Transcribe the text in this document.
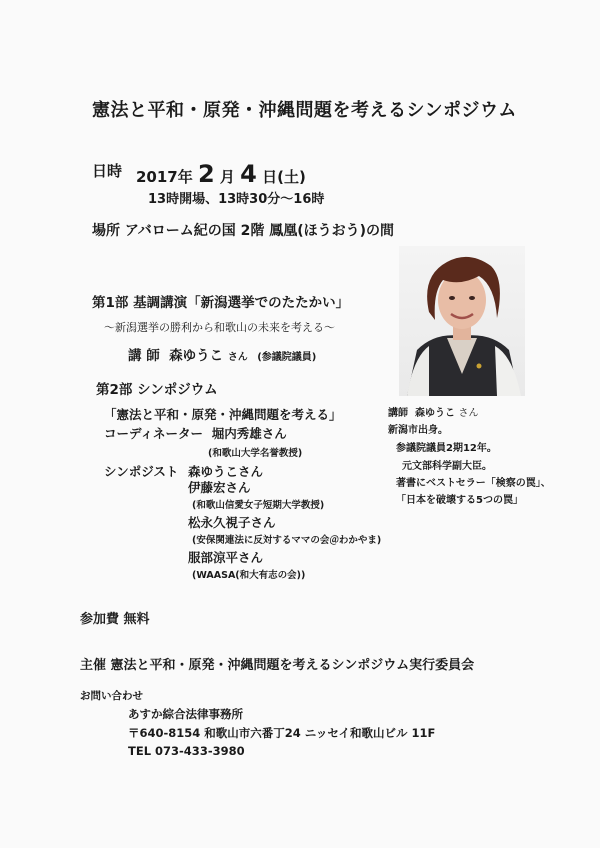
憲法と平和・原発・沖縄問題を考えるシンポジウム
日時 2017年 2 月 4 日(土)
13時開場、13時30分～16時
場所 アバローム紀の国 2階 鳳凰(ほうおう)の間
第1部 基調講演「新潟選挙でのたたかい」
～新潟選挙の勝利から和歌山の未来を考える～
講 師 森ゆうこ さん (参議院議員)
第2部 シンポジウム
「憲法と平和・原発・沖縄問題を考える」
コーディネーター 堀内秀雄さん
(和歌山大学名誉教授)
シンポジスト 森ゆうこさん
伊藤宏さん
(和歌山信愛女子短期大学教授)
松永久視子さん
(安保関連法に反対するママの会＠わかやま)
服部涼平さん
(WAASA(和大有志の会))
講師 森ゆうこ さん
新潟市出身。
参議院議員2期12年。
元文部科学副大臣。
著書にベストセラー「検察の罠」、
「日本を破壊する5つの罠」
参加費 無料
主催 憲法と平和・原発・沖縄問題を考えるシンポジウム実行委員会
お問い合わせ
あすか綜合法律事務所
〒640-8154 和歌山市六番丁24 ニッセイ和歌山ビル 11F
TEL 073-433-3980
